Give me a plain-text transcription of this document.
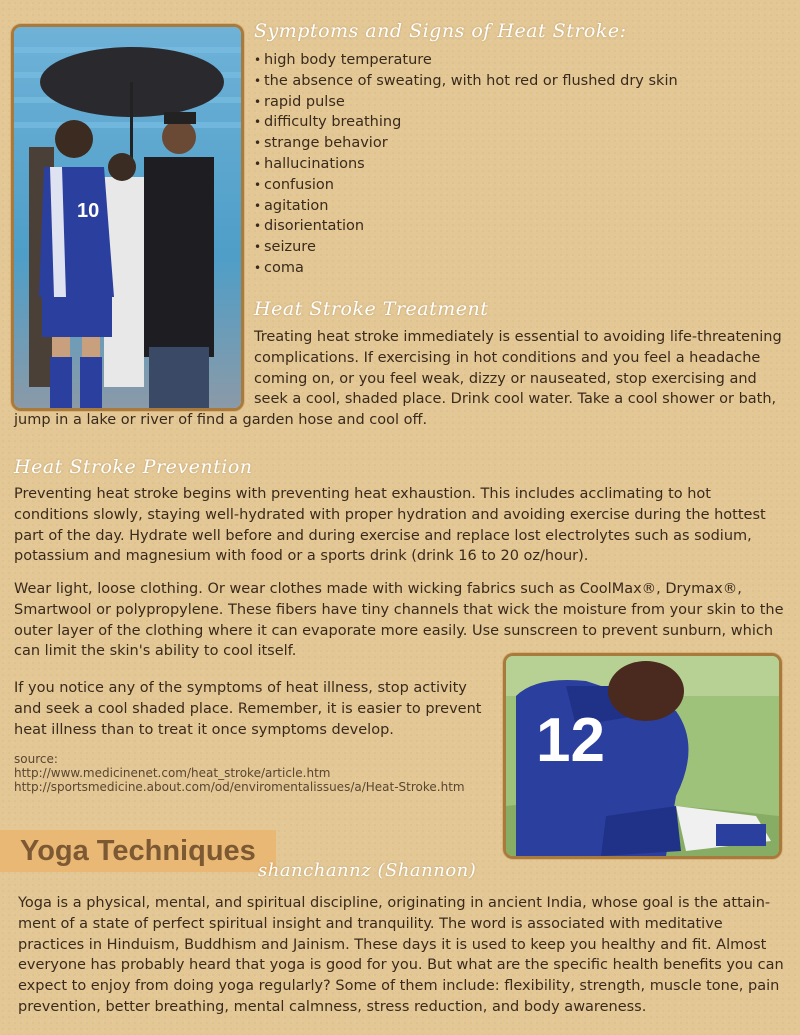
10
Symptoms and Signs of Heat Stroke:
• high body temperature
• the absence of sweating, with hot red or flushed dry skin
• rapid pulse
• difficulty breathing
• strange behavior
• hallucinations
• confusion
• agitation
• disorientation
• seizure
• coma
Heat Stroke Treatment

Treating heat stroke immediately is essential to avoiding life-threatening complications. If exercising in hot conditions and you feel a headache coming on, or you feel weak, dizzy or nauseated, stop exercising and seek a cool, shaded place. Drink cool water. Take a cool shower or bath, jump in a lake or river of find a garden hose and cool off.

Heat Stroke Prevention

Preventing heat stroke begins with preventing heat exhaustion. This includes acclimating to hot conditions slowly, staying well-hydrated with proper hydration and avoiding exercise during the hottest part of the day. Hydrate well before and during exercise and replace lost electrolytes such as sodium, potassium and magnesium with food or a sports drink (drink 16 to 20 oz/hour).

Wear light, loose clothing. Or wear clothes made with wicking fabrics such as CoolMax®, Drymax®, Smartwool or polypropylene. These fibers have tiny channels that wick the moisture from your skin to the outer layer of the clothing where it can evaporate more easily. Use sunscreen to prevent sunburn, which can limit the skin's ability to cool itself.

If you notice any of the symptoms of heat illness, stop activity and seek a cool shaded place. Remember, it is easier to prevent heat illness than to treat it once symptoms develop.

source:
http://www.medicinenet.com/heat_stroke/article.htm
http://sportsmedicine.about.com/od/enviromentalissues/a/Heat-Stroke.htm
12
Yoga Techniques
shanchannz (Shannon)

Yoga is a physical, mental, and spiritual discipline, originating in ancient India, whose goal is the attain-ment of a state of perfect spiritual insight and tranquility. The word is associated with meditative practices in Hinduism, Buddhism and Jainism. These days it is used to keep you healthy and fit. Almost everyone has probably heard that yoga is good for you. But what are the specific health benefits you can expect to enjoy from doing yoga regularly? Some of them include: flexibility, strength, muscle tone, pain prevention, better breathing, mental calmness, stress reduction, and body awareness.
